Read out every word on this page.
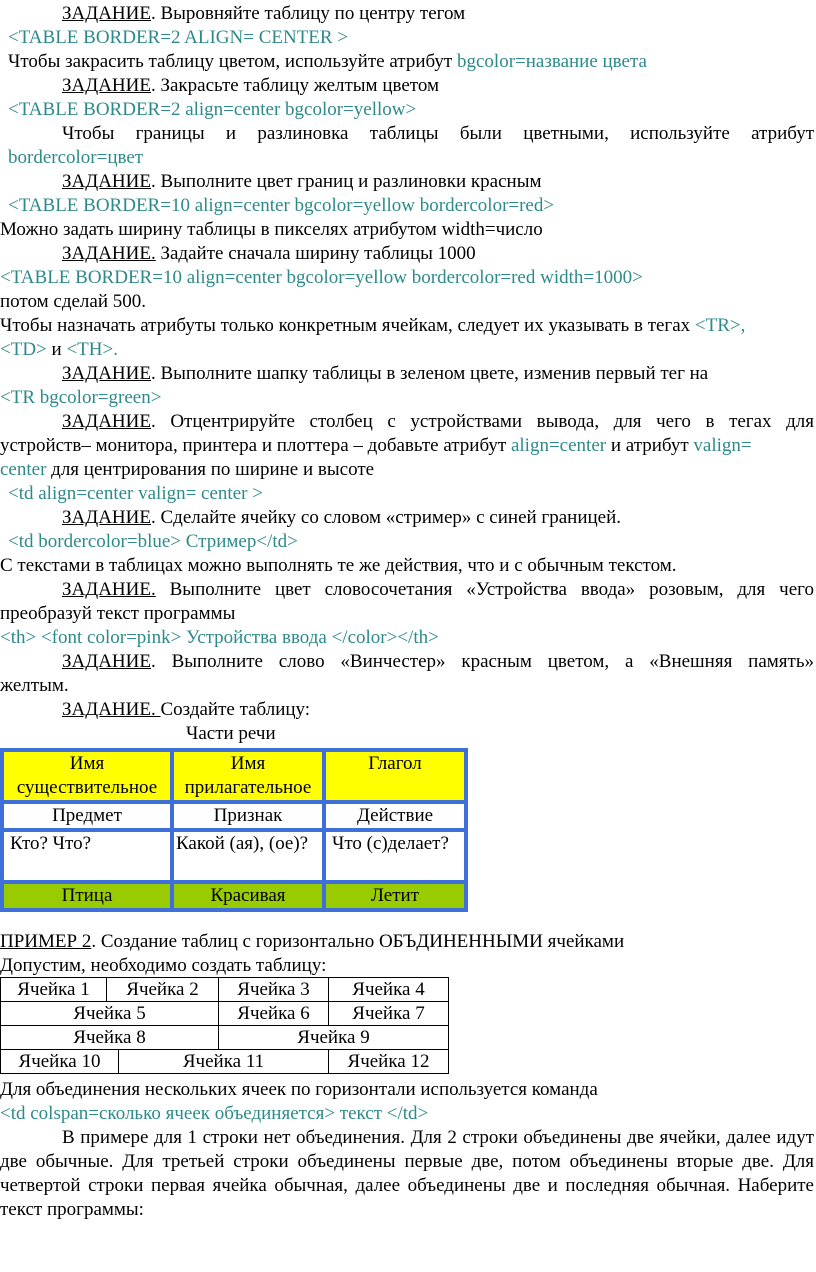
ЗАДАНИЕ. Выровняйте таблицу по центру тегом
<TABLE BORDER=2 ALIGN= CENTER >
Чтобы закрасить таблицу цветом, используйте атрибут bgcolor=название цвета
ЗАДАНИЕ. Закрасьте таблицу желтым цветом
<TABLE BORDER=2 align=center bgcolor=yellow>
Чтобы границы и разлиновка таблицы были цветными, используйте атрибут
bordercolor=цвет
ЗАДАНИЕ. Выполните цвет границ и разлиновки красным
<TABLE BORDER=10 align=center bgcolor=yellow bordercolor=red>
Можно задать ширину таблицы в пикселях атрибутом width=число
ЗАДАНИЕ. Задайте сначала ширину таблицы 1000
<TABLE BORDER=10 align=center bgcolor=yellow bordercolor=red width=1000>
потом сделай 500.
Чтобы назначать атрибуты только конкретным ячейкам, следует их указывать в тегах <TR>,
<TD> и <TH>.
ЗАДАНИЕ. Выполните шапку таблицы в зеленом цвете, изменив первый тег на
<TR bgcolor=green>
ЗАДАНИЕ. Отцентрируйте столбец с устройствами вывода, для чего в тегах для
устройств– монитора, принтера и плоттера – добавьте атрибут align=center и атрибут valign=
center для центрирования по ширине и высоте
<td align=center valign= center >
ЗАДАНИЕ. Сделайте ячейку со словом «стример» с синей границей.
<td bordercolor=blue> Стример</td>
С текстами в таблицах можно выполнять те же действия, что и с обычным текстом.
ЗАДАНИЕ. Выполните цвет словосочетания «Устройства ввода» розовым, для чего
преобразуй текст программы
<th> <font color=pink> Устройства ввода </color></th>
ЗАДАНИЕ. Выполните слово «Винчестер» красным цветом, а «Внешняя память»
желтым.
ЗАДАНИЕ. Создайте таблицу:
Части речи
Имя существительное	Имя прилагательное	Глагол
Предмет	Признак	Действие
Кто? Что?	Какой (ая), (ое)?	Что (с)делает?
Птица	Красивая	Летит
ПРИМЕР 2. Создание таблиц с горизонтально ОБЪДИНЕННЫМИ ячейками
Допустим, необходимо создать таблицу:
Ячейка 1	Ячейка 2		Ячейка 3	Ячейка 4
Ячейка 5			Ячейка 6	Ячейка 7
Ячейка 8			Ячейка 9	
Ячейка 10		Ячейка 11		Ячейка 12
Для объединения нескольких ячеек по горизонтали используется команда
<td colspan=сколько ячеек объединяется> текст </td>
В примере для 1 строки нет объединения. Для 2 строки объединены две ячейки, далее идут две обычные. Для третьей строки объединены первые две, потом объединены вторые две. Для четвертой строки первая ячейка обычная, далее объединены две и последняя обычная. Наберите текст программы:
